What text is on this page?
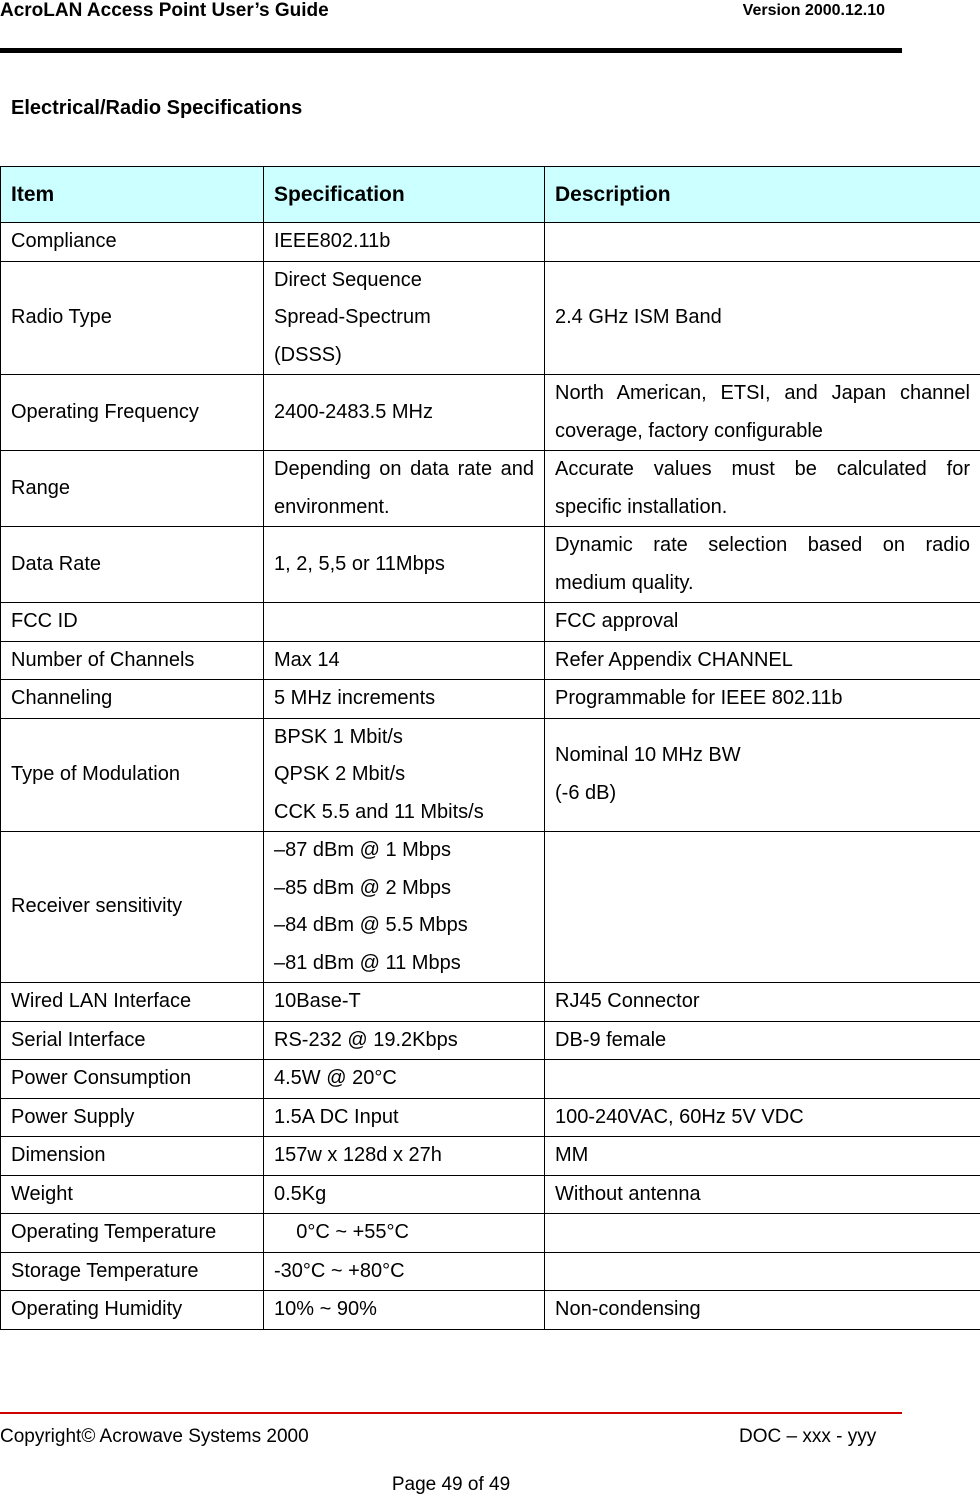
AcroLAN Access Point User’s Guide	Version 2000.12.10
Electrical/Radio Specifications
Item	Specification	Description
Compliance	IEEE802.11b	

Radio Type	Direct Sequence
Spread-Spectrum
(DSSS)	2.4 GHz ISM Band

Operating Frequency	2400-2483.5 MHz	North American, ETSI, and Japan channel coverage, factory configurable

Range	Depending on data rate and environment.	Accurate values must be calculated for specific installation.

Data Rate	1, 2, 5,5 or 11Mbps	Dynamic rate selection based on radio medium quality.

FCC ID		FCC approval

Number of Channels	Max 14	Refer Appendix CHANNEL

Channeling	5 MHz increments	Programmable for IEEE 802.11b

Type of Modulation	BPSK 1 Mbit/s
QPSK 2 Mbit/s
CCK 5.5 and 11 Mbits/s	Nominal 10 MHz BW
(-6 dB)

Receiver sensitivity	–87 dBm @ 1 Mbps
–85 dBm @ 2 Mbps
–84 dBm @ 5.5 Mbps
–81 dBm @ 11 Mbps	

Wired LAN Interface	10Base-T	RJ45 Connector

Serial Interface	RS-232 @ 19.2Kbps	DB-9 female

Power Consumption	4.5W @ 20°C	

Power Supply	1.5A DC Input	100-240VAC, 60Hz 5V VDC

Dimension	157w x 128d x 27h	MM

Weight	0.5Kg	Without antenna

Operating Temperature	0°C ~ +55°C	

Storage Temperature	-30°C ~ +80°C	

Operating Humidity	10% ~ 90%	Non-condensing
Copyright© Acrowave Systems 2000	DOC – xxx - yyy
Page 49 of 49
